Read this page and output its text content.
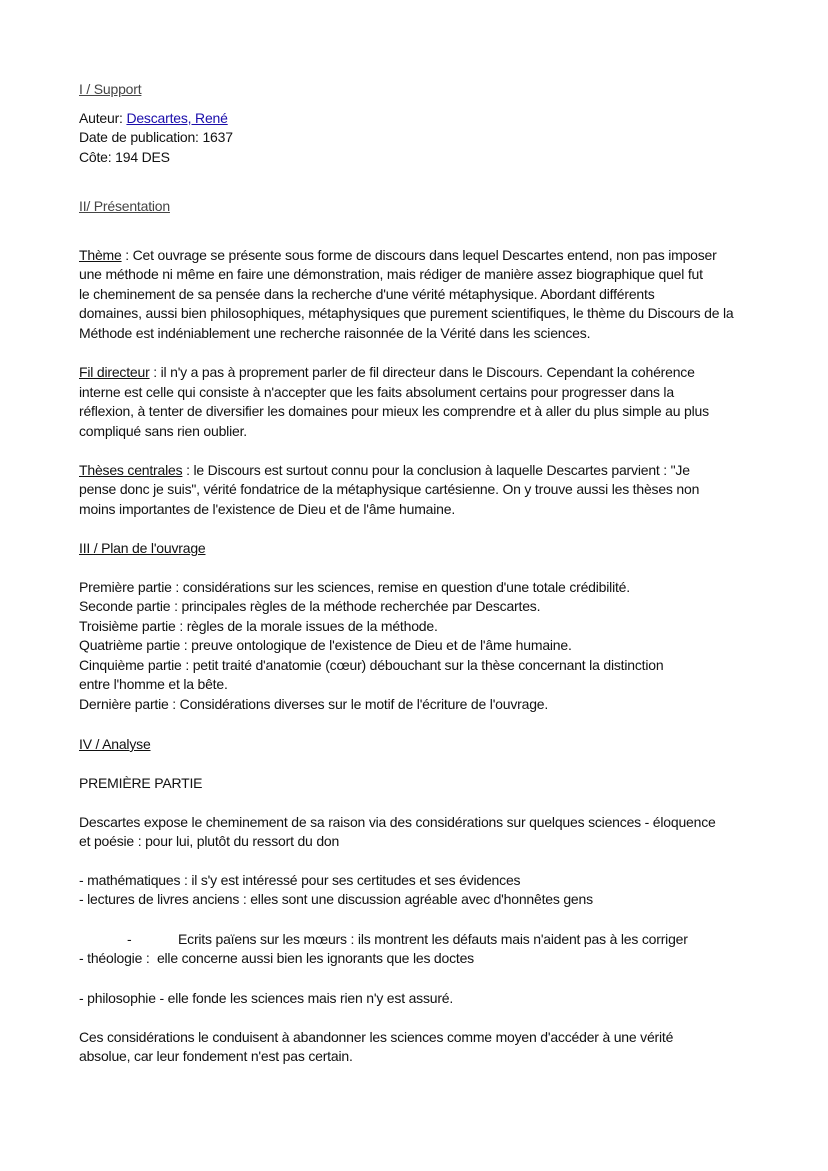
I / Support
Auteur: Descartes, René
Date de publication: 1637
Côte: 194 DES
II/ Présentation
Thème : Cet ouvrage se présente sous forme de discours dans lequel Descartes entend, non pas imposer
une méthode ni même en faire une démonstration, mais rédiger de manière assez biographique quel fut
le cheminement de sa pensée dans la recherche d'une vérité métaphysique. Abordant différents
domaines, aussi bien philosophiques, métaphysiques que purement scientifiques, le thème du Discours de la
Méthode est indéniablement une recherche raisonnée de la Vérité dans les sciences.
Fil directeur : il n'y a pas à proprement parler de fil directeur dans le Discours. Cependant la cohérence
interne est celle qui consiste à n'accepter que les faits absolument certains pour progresser dans la
réflexion, à tenter de diversifier les domaines pour mieux les comprendre et à aller du plus simple au plus
compliqué sans rien oublier.
Thèses centrales : le Discours est surtout connu pour la conclusion à laquelle Descartes parvient : "Je
pense donc je suis", vérité fondatrice de la métaphysique cartésienne. On y trouve aussi les thèses non
moins importantes de l'existence de Dieu et de l'âme humaine.
III / Plan de l'ouvrage
Première partie : considérations sur les sciences, remise en question d'une totale crédibilité.
Seconde partie : principales règles de la méthode recherchée par Descartes.
Troisième partie : règles de la morale issues de la méthode.
Quatrième partie : preuve ontologique de l'existence de Dieu et de l'âme humaine.
Cinquième partie : petit traité d'anatomie (cœur) débouchant sur la thèse concernant la distinction
entre l'homme et la bête.
Dernière partie : Considérations diverses sur le motif de l'écriture de l'ouvrage.
IV / Analyse
PREMIÈRE PARTIE
Descartes expose le cheminement de sa raison via des considérations sur quelques sciences - éloquence
et poésie : pour lui, plutôt du ressort du don
- mathématiques : il s'y est intéressé pour ses certitudes et ses évidences
- lectures de livres anciens : elles sont une discussion agréable avec d'honnêtes gens
-	Ecrits païens sur les mœurs : ils montrent les défauts mais n'aident pas à les corriger
- théologie :  elle concerne aussi bien les ignorants que les doctes
- philosophie - elle fonde les sciences mais rien n'y est assuré.
Ces considérations le conduisent à abandonner les sciences comme moyen d'accéder à une vérité
absolue, car leur fondement n'est pas certain.
